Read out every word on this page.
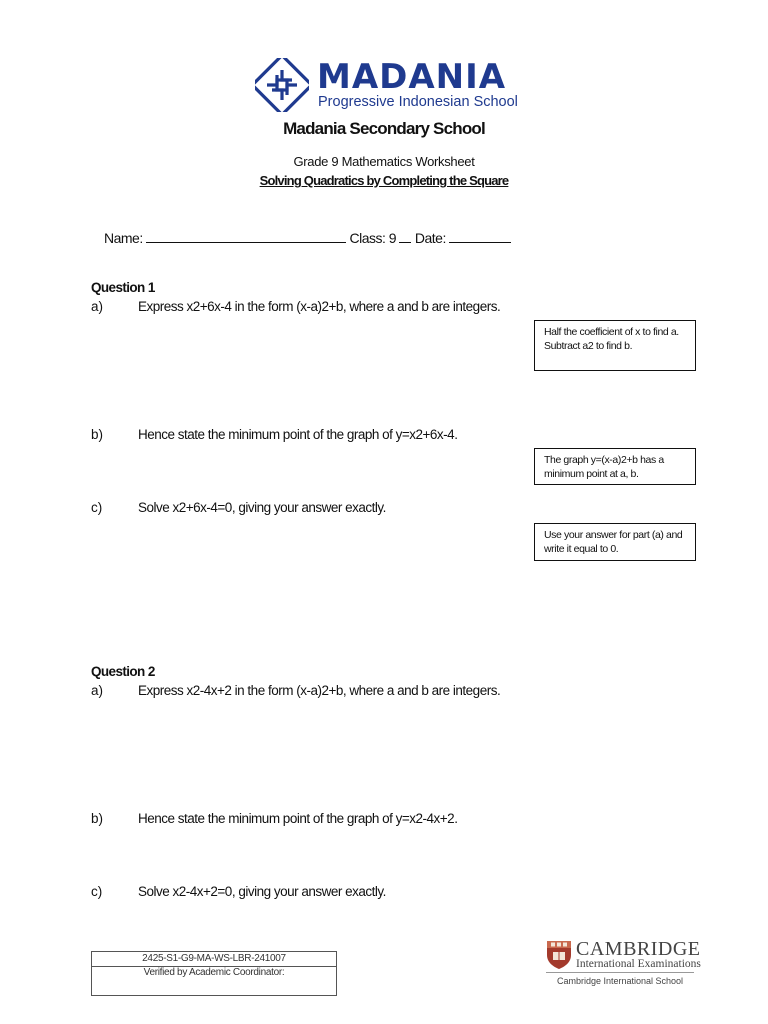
MADANIA
Progressive Indonesian School
Madania Secondary School
Grade 9 Mathematics Worksheet
Solving Quadratics by Completing the Square
Name:	Class: 9 Date:
Question 1
a)	Express x2+6x-4 in the form (x-a)2+b, where a and b are integers.
Half the coefficient of x to find a. Subtract a2 to find b.
b)	Hence state the minimum point of the graph of y=x2+6x-4.
The graph y=(x-a)2+b has a minimum point at a, b.
c)	Solve x2+6x-4=0, giving your answer exactly.
Use your answer for part (a) and write it equal to 0.
Question 2
a)	Express x2-4x+2 in the form (x-a)2+b, where a and b are integers.
b)	Hence state the minimum point of the graph of y=x2-4x+2.
c)	Solve x2-4x+2=0, giving your answer exactly.
2425-S1-G9-MA-WS-LBR-241007
Verified by Academic Coordinator:
CAMBRIDGE
International Examinations
Cambridge International School
